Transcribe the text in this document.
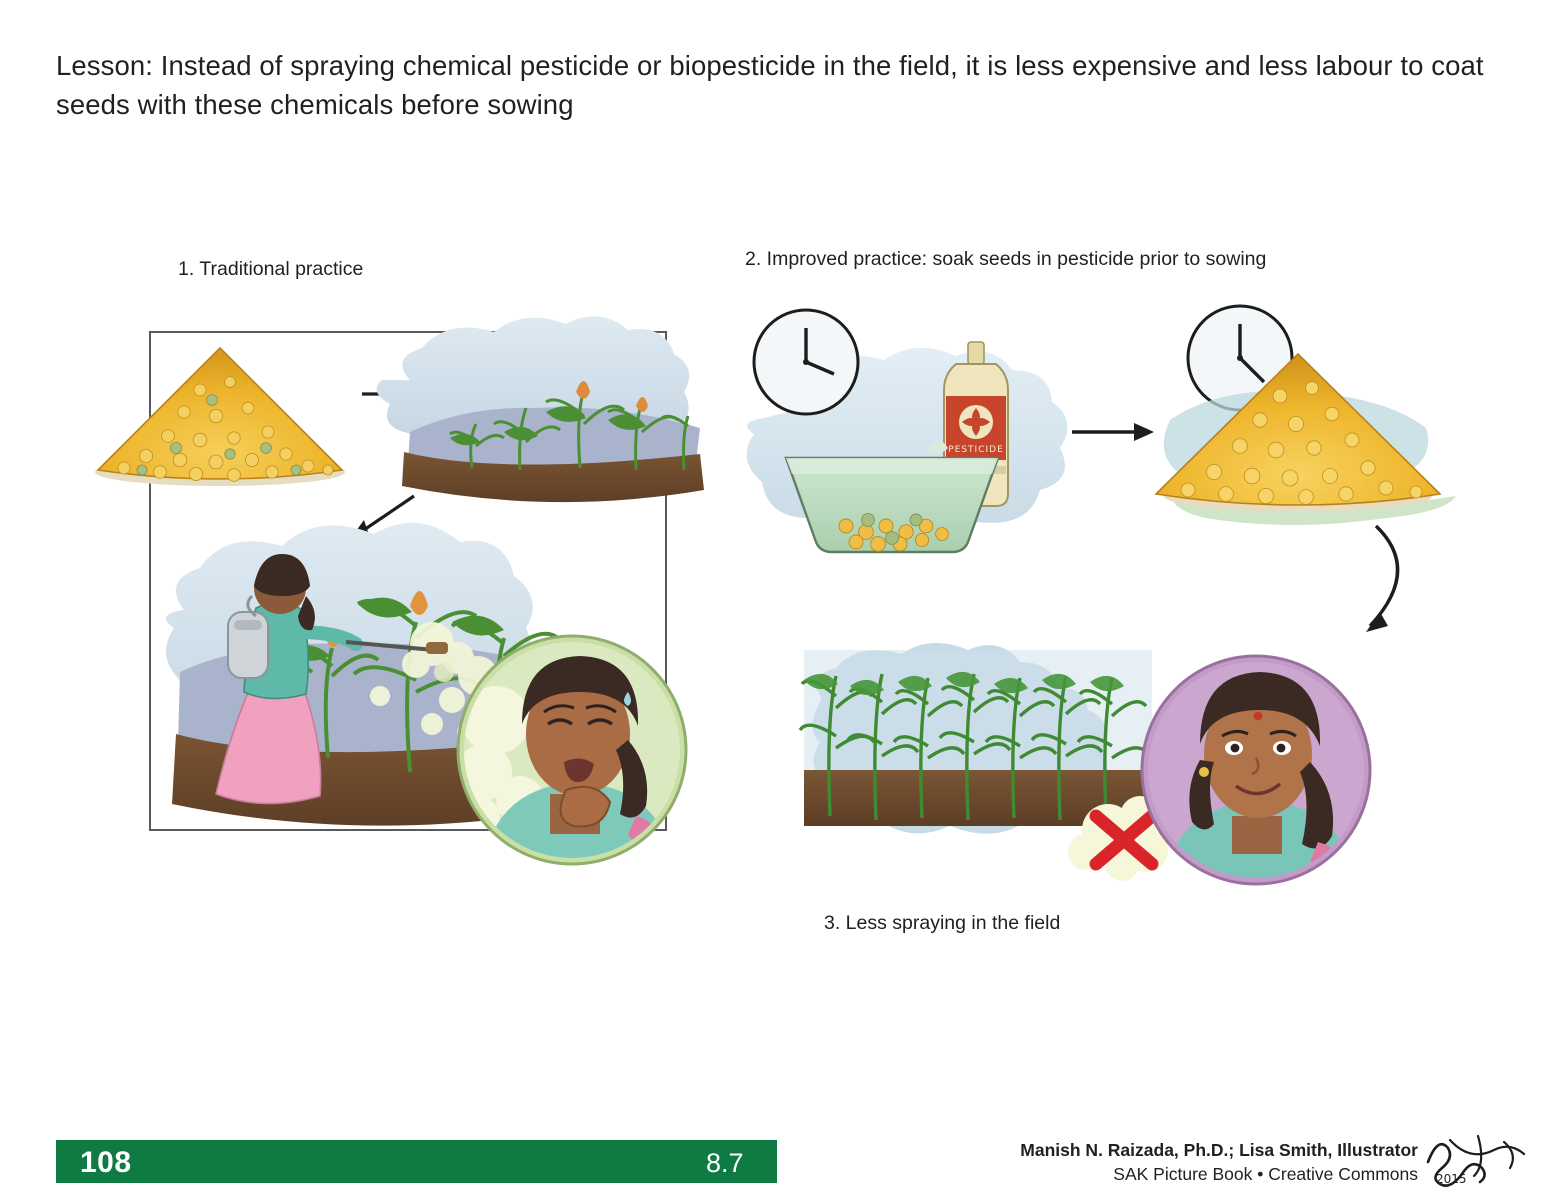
Lesson: Instead of spraying chemical pesticide or biopesticide in the field, it is less expensive and less labour to coat seeds with these chemicals before sowing
1. Traditional practice	2. Improved practice: soak seeds in pesticide prior to sowing
3. Less spraying in the field
PESTICIDE
108	8.7	Manish N. Raizada, Ph.D.; Lisa Smith, Illustrator
SAK Picture Book • Creative Commons 2015
